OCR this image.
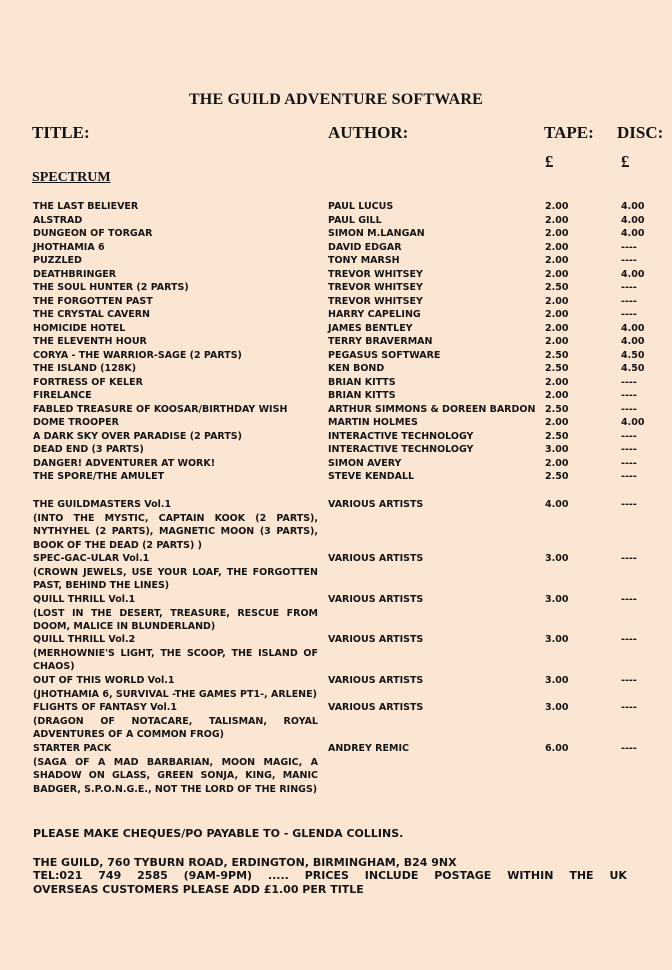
THE GUILD ADVENTURE SOFTWARE
TITLE:	AUTHOR:	TAPE: DISC:
£	£
SPECTRUM
THE LAST BELIEVER	PAUL LUCUS	2.00	4.00
ALSTRAD	PAUL GILL	2.00	4.00
DUNGEON OF TORGAR	SIMON M.LANGAN	2.00	4.00
JHOTHAMIA 6	DAVID EDGAR	2.00	----
PUZZLED	TONY MARSH	2.00	----
DEATHBRINGER	TREVOR WHITSEY	2.00	4.00
THE SOUL HUNTER (2 PARTS)	TREVOR WHITSEY	2.50	----
THE FORGOTTEN PAST	TREVOR WHITSEY	2.00	----
THE CRYSTAL CAVERN	HARRY CAPELING	2.00	----
HOMICIDE HOTEL	JAMES BENTLEY	2.00	4.00
THE ELEVENTH HOUR	TERRY BRAVERMAN	2.00	4.00
CORYA - THE WARRIOR-SAGE (2 PARTS)	PEGASUS SOFTWARE	2.50	4.50
THE ISLAND (128K)	KEN BOND	2.50	4.50
FORTRESS OF KELER	BRIAN KITTS	2.00	----
FIRELANCE	BRIAN KITTS	2.00	----
FABLED TREASURE OF KOOSAR/BIRTHDAY WISH	ARTHUR SIMMONS & DOREEN BARDON 2.50	----
DOME TROOPER	MARTIN HOLMES	2.00	4.00
A DARK SKY OVER PARADISE (2 PARTS)	INTERACTIVE TECHNOLOGY	2.50	----
DEAD END (3 PARTS)	INTERACTIVE TECHNOLOGY	3.00	----
DANGER! ADVENTURER AT WORK!	SIMON AVERY	2.00	----
THE SPORE/THE AMULET	STEVE KENDALL	2.50	----
THE GUILDMASTERS Vol.1	VARIOUS ARTISTS	4.00	----
(INTO THE MYSTIC, CAPTAIN KOOK (2 PARTS), NYTHYHEL (2 PARTS), MAGNETIC MOON (3 PARTS), BOOK OF THE DEAD (2 PARTS) )
SPEC-GAC-ULAR Vol.1	VARIOUS ARTISTS	3.00	----
(CROWN JEWELS, USE YOUR LOAF, THE FORGOTTEN PAST, BEHIND THE LINES)
QUILL THRILL Vol.1	VARIOUS ARTISTS	3.00	----
(LOST IN THE DESERT, TREASURE, RESCUE FROM DOOM, MALICE IN BLUNDERLAND)
QUILL THRILL Vol.2	VARIOUS ARTISTS	3.00	----
(MERHOWNIE'S LIGHT, THE SCOOP, THE ISLAND OF CHAOS)
OUT OF THIS WORLD Vol.1	VARIOUS ARTISTS	3.00	----
(JHOTHAMIA 6, SURVIVAL -THE GAMES PT1-, ARLENE)
FLIGHTS OF FANTASY Vol.1	VARIOUS ARTISTS	3.00	----
(DRAGON OF NOTACARE, TALISMAN, ROYAL ADVENTURES OF A COMMON FROG)
STARTER PACK	ANDREY REMIC	6.00	----
(SAGA OF A MAD BARBARIAN, MOON MAGIC, A SHADOW ON GLASS, GREEN SONJA, KING, MANIC BADGER, S.P.O.N.G.E., NOT THE LORD OF THE RINGS)
PLEASE MAKE CHEQUES/PO PAYABLE TO - GLENDA COLLINS.
THE GUILD, 760 TYBURN ROAD, ERDINGTON, BIRMINGHAM, B24 9NX
TEL:021 749 2585 (9AM-9PM) ..... PRICES INCLUDE POSTAGE WITHIN THE UK
OVERSEAS CUSTOMERS PLEASE ADD £1.00 PER TITLE
